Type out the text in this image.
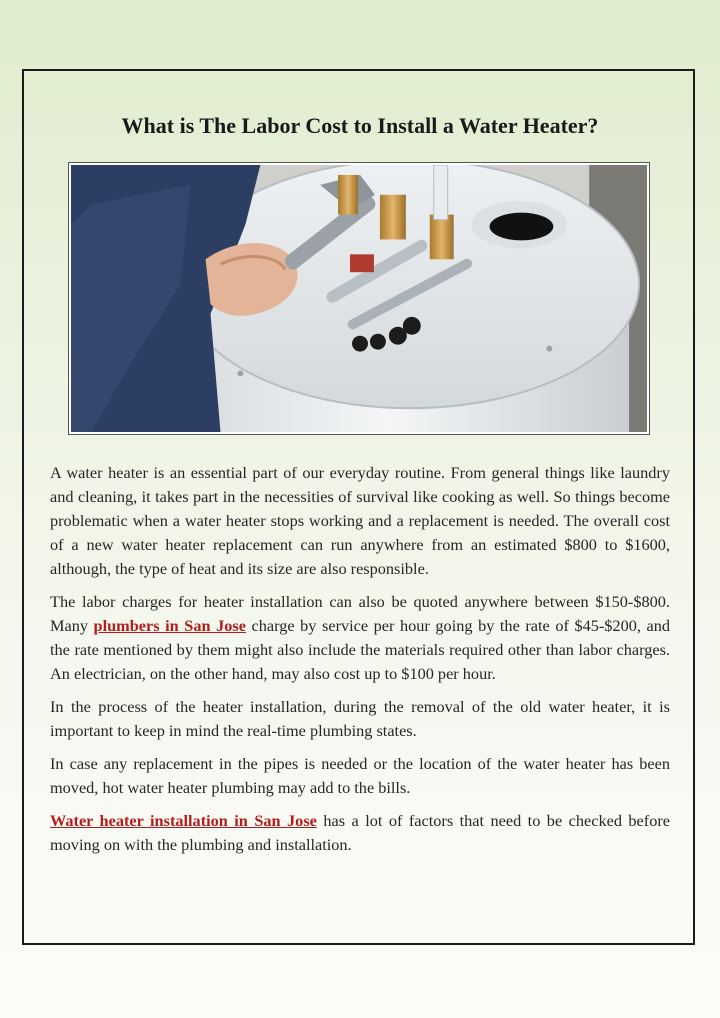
What is The Labor Cost to Install a Water Heater?

A water heater is an essential part of our everyday routine. From general things like laundry and cleaning, it takes part in the necessities of survival like cooking as well. So things become problematic when a water heater stops working and a replacement is needed. The overall cost of a new water heater replacement can run anywhere from an estimated $800 to $1600, although, the type of heat and its size are also responsible.

The labor charges for heater installation can also be quoted anywhere between $150-$800. Many plumbers in San Jose charge by service per hour going by the rate of $45-$200, and the rate mentioned by them might also include the materials required other than labor charges. An electrician, on the other hand, may also cost up to $100 per hour.

In the process of the heater installation, during the removal of the old water heater, it is important to keep in mind the real-time plumbing states.

In case any replacement in the pipes is needed or the location of the water heater has been moved, hot water heater plumbing may add to the bills.

Water heater installation in San Jose has a lot of factors that need to be checked before moving on with the plumbing and installation.
